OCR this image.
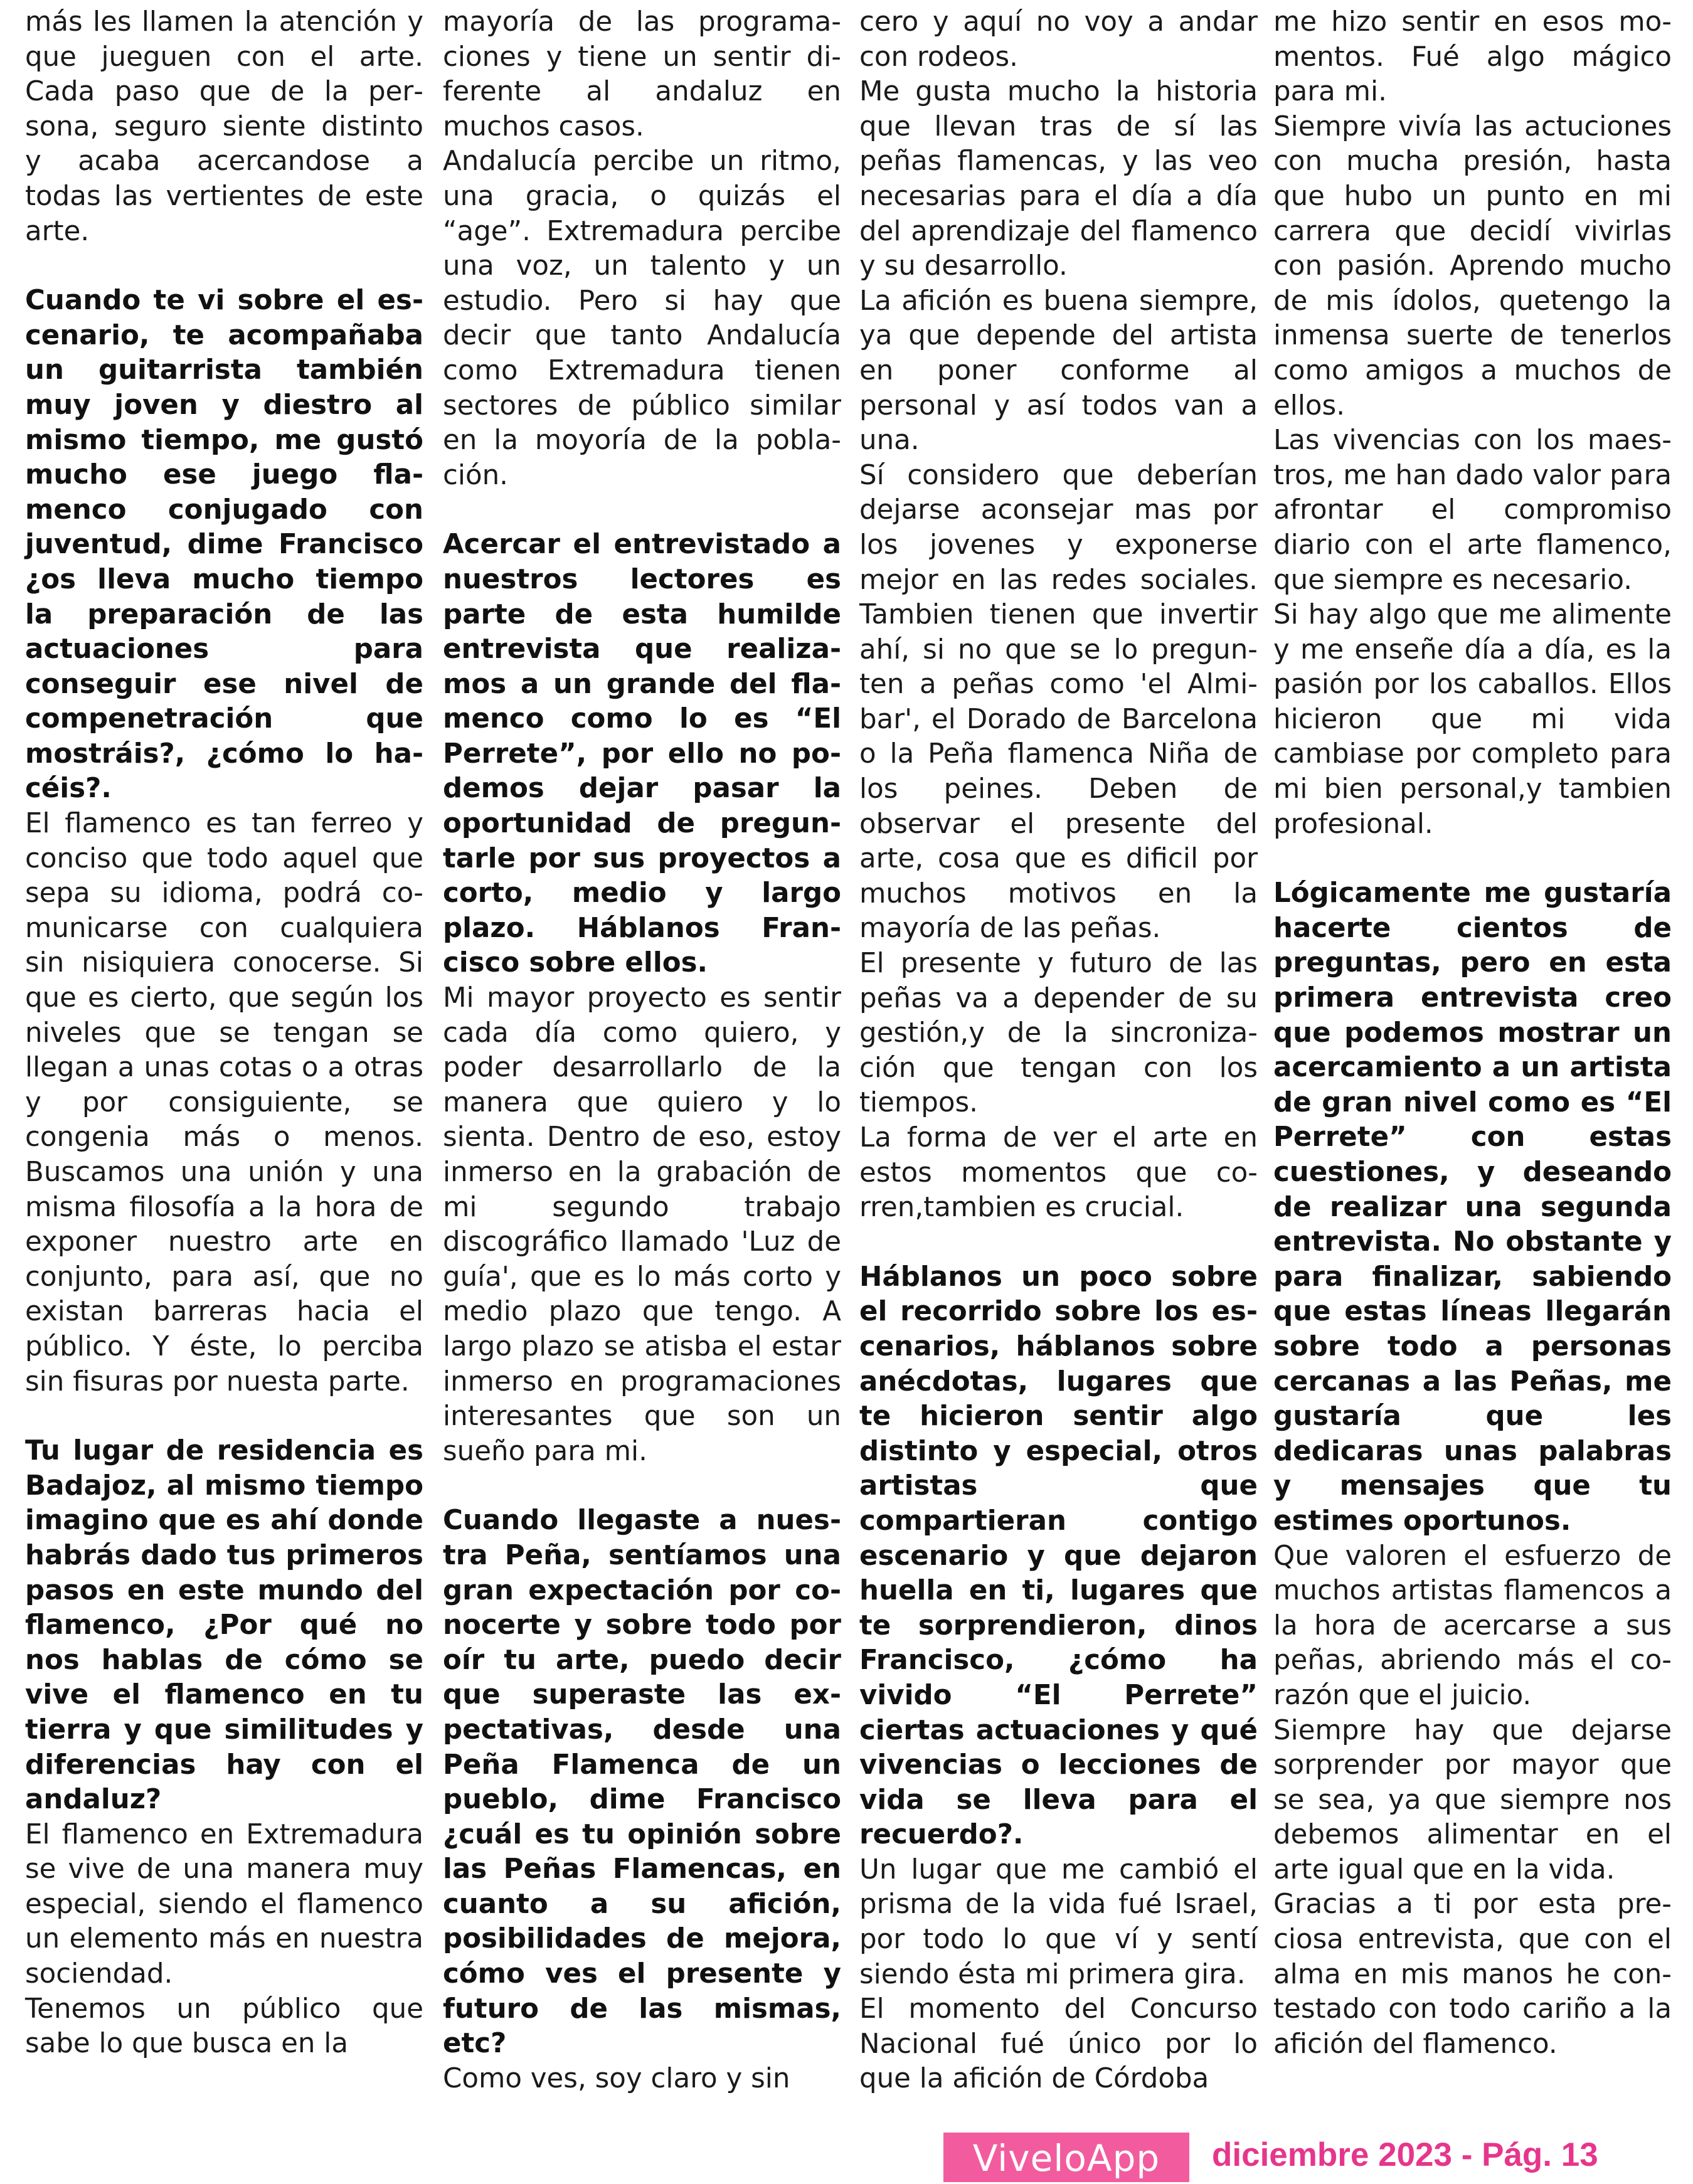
más les llamen la atención y que jueguen con el arte. Cada paso que de la persona, seguro siente distinto y acaba acercandose a todas las vertientes de este arte.

Cuando te vi sobre el escenario, te acompañaba un guitarrista también muy joven y diestro al mismo tiempo, me gustó mucho ese juego flamenco conjugado con juventud, dime Francisco ¿os lleva mucho tiempo la preparación de las actuaciones para conseguir ese nivel de compenetración que mostráis?, ¿cómo lo hacéis?.

El flamenco es tan ferreo y conciso que todo aquel que sepa su idioma, podrá comunicarse con cualquiera sin nisiquiera conocerse. Si que es cierto, que según los niveles que se tengan se llegan a unas cotas o a otras y por consiguiente, se congenia más o menos. Buscamos una unión y una misma filosofía a la hora de exponer nuestro arte en conjunto, para así, que no existan barreras hacia el público. Y éste, lo perciba sin fisuras por nuesta parte.

Tu lugar de residencia es Badajoz, al mismo tiempo imagino que es ahí donde habrás dado tus primeros pasos en este mundo del flamenco, ¿Por qué no nos hablas de cómo se vive el flamenco en tu tierra y que similitudes y diferencias hay con el andaluz?

El flamenco en Extremadura se vive de una manera muy especial, siendo el flamenco un elemento más en nuestra sociendad.

Tenemos un público que sabe lo que busca en la

mayoría de las programaciones y tiene un sentir diferente al andaluz en muchos casos.

Andalucía percibe un ritmo, una gracia, o quizás el “age”. Extremadura percibe una voz, un talento y un estudio. Pero si hay que decir que tanto Andalucía como Extremadura tienen sectores de público similar en la moyoría de la población.

Acercar el entrevistado a nuestros lectores es parte de esta humilde entrevista que realizamos a un grande del flamenco como lo es “El Perrete”, por ello no podemos dejar pasar la oportunidad de preguntarle por sus proyectos a corto, medio y largo plazo. Háblanos Francisco sobre ellos.

Mi mayor proyecto es sentir cada día como quiero, y poder desarrollarlo de la manera que quiero y lo sienta. Dentro de eso, estoy inmerso en la grabación de mi segundo trabajo discográfico llamado 'Luz de guía', que es lo más corto y medio plazo que tengo. A largo plazo se atisba el estar inmerso en programaciones interesantes que son un sueño para mi.

Cuando llegaste a nuestra Peña, sentíamos una gran expectación por conocerte y sobre todo por oír tu arte, puedo decir que superaste las expectativas, desde una Peña Flamenca de un pueblo, dime Francisco ¿cuál es tu opinión sobre las Peñas Flamencas, en cuanto a su afición, posibilidades de mejora, cómo ves el presente y futuro de las mismas, etc?

Como ves, soy claro y sin

cero y aquí no voy a andar con rodeos.

Me gusta mucho la historia que llevan tras de sí las peñas flamencas, y las veo necesarias para el día a día del aprendizaje del flamenco y su desarrollo.

La afición es buena siempre, ya que depende del artista en poner conforme al personal y así todos van a una.

Sí considero que deberían dejarse aconsejar mas por los jovenes y exponerse mejor en las redes sociales. Tambien tienen que invertir ahí, si no que se lo pregunten a peñas como 'el Almibar', el Dorado de Barcelona o la Peña flamenca Niña de los peines. Deben de observar el presente del arte, cosa que es dificil por muchos motivos en la mayoría de las peñas.

El presente y futuro de las peñas va a depender de su gestión,y de la sincronización que tengan con los tiempos.

La forma de ver el arte en estos momentos que corren,tambien es crucial.

Háblanos un poco sobre el recorrido sobre los escenarios, háblanos sobre anécdotas, lugares que te hicieron sentir algo distinto y especial, otros artistas que compartieran contigo escenario y que dejaron huella en ti, lugares que te sorprendieron, dinos Francisco, ¿cómo ha vivido “El Perrete” ciertas actuaciones y qué vivencias o lecciones de vida se lleva para el recuerdo?.

Un lugar que me cambió el prisma de la vida fué Israel, por todo lo que ví y sentí siendo ésta mi primera gira.

El momento del Concurso Nacional fué único por lo que la afición de Córdoba

me hizo sentir en esos momentos. Fué algo mágico para mi.

Siempre vivía las actuciones con mucha presión, hasta que hubo un punto en mi carrera que decidí vivirlas con pasión. Aprendo mucho de mis ídolos, quetengo la inmensa suerte de tenerlos como amigos a muchos de ellos.

Las vivencias con los maestros, me han dado valor para afrontar el compromiso diario con el arte flamenco, que siempre es necesario.

Si hay algo que me alimente y me enseñe día a día, es la pasión por los caballos. Ellos hicieron que mi vida cambiase por completo para mi bien personal,y tambien profesional.

Lógicamente me gustaría hacerte cientos de preguntas, pero en esta primera entrevista creo que podemos mostrar un acercamiento a un artista de gran nivel como es “El Perrete” con estas cuestiones, y deseando de realizar una segunda entrevista. No obstante y para finalizar, sabiendo que estas líneas llegarán sobre todo a personas cercanas a las Peñas, me gustaría que les dedicaras unas palabras y mensajes que tu estimes oportunos.

Que valoren el esfuerzo de muchos artistas flamencos a la hora de acercarse a sus peñas, abriendo más el corazón que el juicio.

Siempre hay que dejarse sorprender por mayor que se sea, ya que siempre nos debemos alimentar en el arte igual que en la vida.

Gracias a ti por esta preciosa entrevista, que con el alma en mis manos he contestado con todo cariño a la afición del flamenco.

ViveloApp	diciembre 2023 - Pág. 13
